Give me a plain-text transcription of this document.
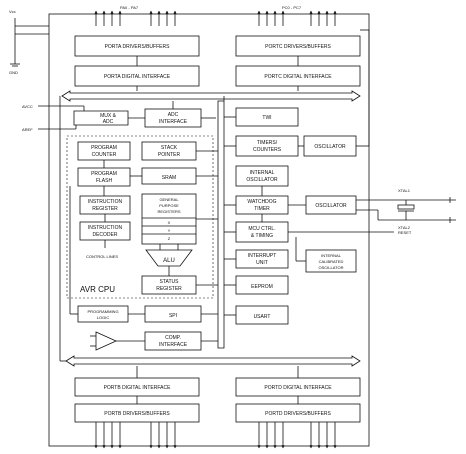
Vcc
GND
PA0 - PA7	PC0 - PC7
PORTA DRIVERS/BUFFERS	PORTC DRIVERS/BUFFERS
PORTA DIGITAL INTERFACE	PORTC DIGITAL INTERFACE
AVCC
AREF
MUX &
ADC
ADC
INTERFACE
TWI
TIMERS/
COUNTERS	OSCILLATOR
INTERNAL
OSCILLATOR
WATCHDOG
TIMER
MCU CTRL.
& TIMING
OSCILLATOR
XTAL1
XTAL2
RESET
INTERNAL
CALIBRATED
OSCILLATOR
INTERRUPT
UNIT
EEPROM
USART
AVR CPU
PROGRAM
COUNTER
STACK
POINTER
PROGRAM
FLASH	SRAM
INSTRUCTION
REGISTER
INSTRUCTION
DECODER
CONTROL LINES
GENERAL
PURPOSE
REGISTERS
X
Y
Z
ALU
STATUS
REGISTER
PROGRAMMING
LOGIC	SPI
COMP.
INTERFACE
PORTB DIGITAL INTERFACE	PORTD DIGITAL INTERFACE
PORTB DRIVERS/BUFFERS	PORTD DRIVERS/BUFFERS
